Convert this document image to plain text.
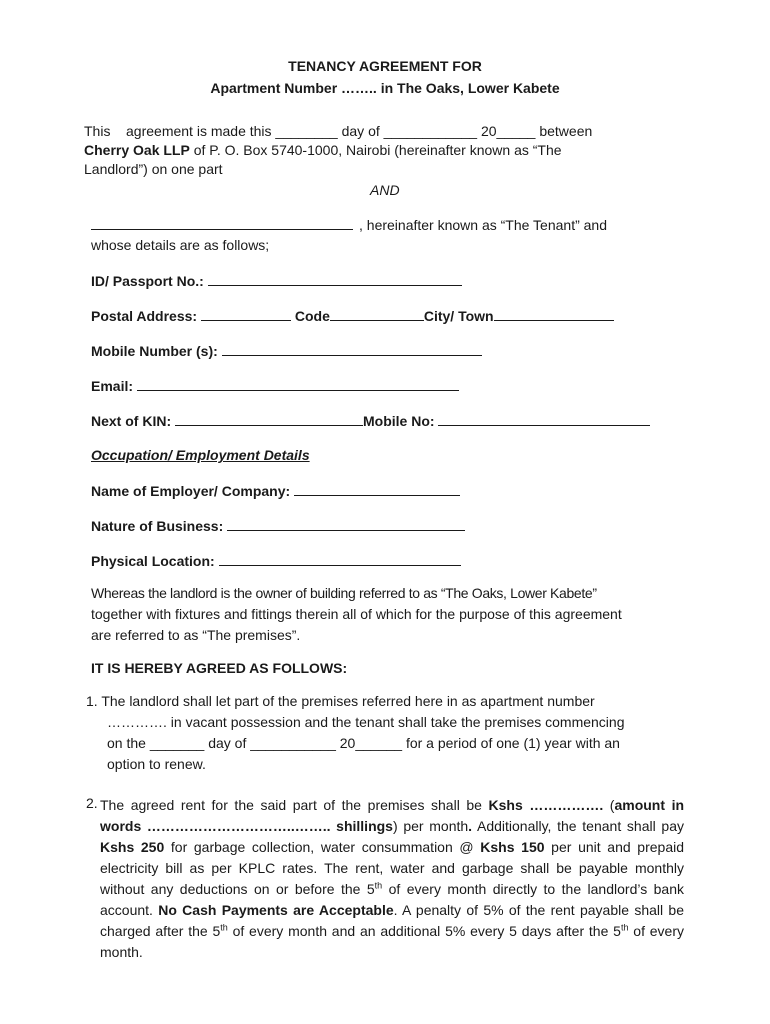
TENANCY AGREEMENT FOR
Apartment Number …….. in The Oaks, Lower Kabete
This agreement is made this ________ day of ____________ 20_____ between
Cherry Oak LLP of P. O. Box 5740-1000, Nairobi (hereinafter known as “The
Landlord”) on one part
AND
, hereinafter known as “The Tenant” and
whose details are as follows;
ID/ Passport No.:
Postal Address:	Code	City/ Town
Mobile Number (s):
Email:
Next of KIN:	Mobile No:
Occupation/ Employment Details
Name of Employer/ Company:
Nature of Business:
Physical Location:
Whereas the landlord is the owner of building referred to as “The Oaks, Lower Kabete”
together with fixtures and fittings therein all of which for the purpose of this agreement
are referred to as “The premises”.
IT IS HEREBY AGREED AS FOLLOWS:
1. The landlord shall let part of the premises referred here in as apartment number
…………. in vacant possession and the tenant shall take the premises commencing
on the _______ day of ___________ 20______ for a period of one (1) year with an
option to renew.
2. The agreed rent for the said part of the premises shall be Kshs ……………. (amount in words …………………………..…….. shillings) per month. Additionally, the tenant shall pay Kshs 250 for garbage collection, water consummation @ Kshs 150 per unit and prepaid electricity bill as per KPLC rates. The rent, water and garbage shall be payable monthly without any deductions on or before the 5th of every month directly to the landlord’s bank account. No Cash Payments are Acceptable. A penalty of 5% of the rent payable shall be charged after the 5th of every month and an additional 5% every 5 days after the 5th of every month.
